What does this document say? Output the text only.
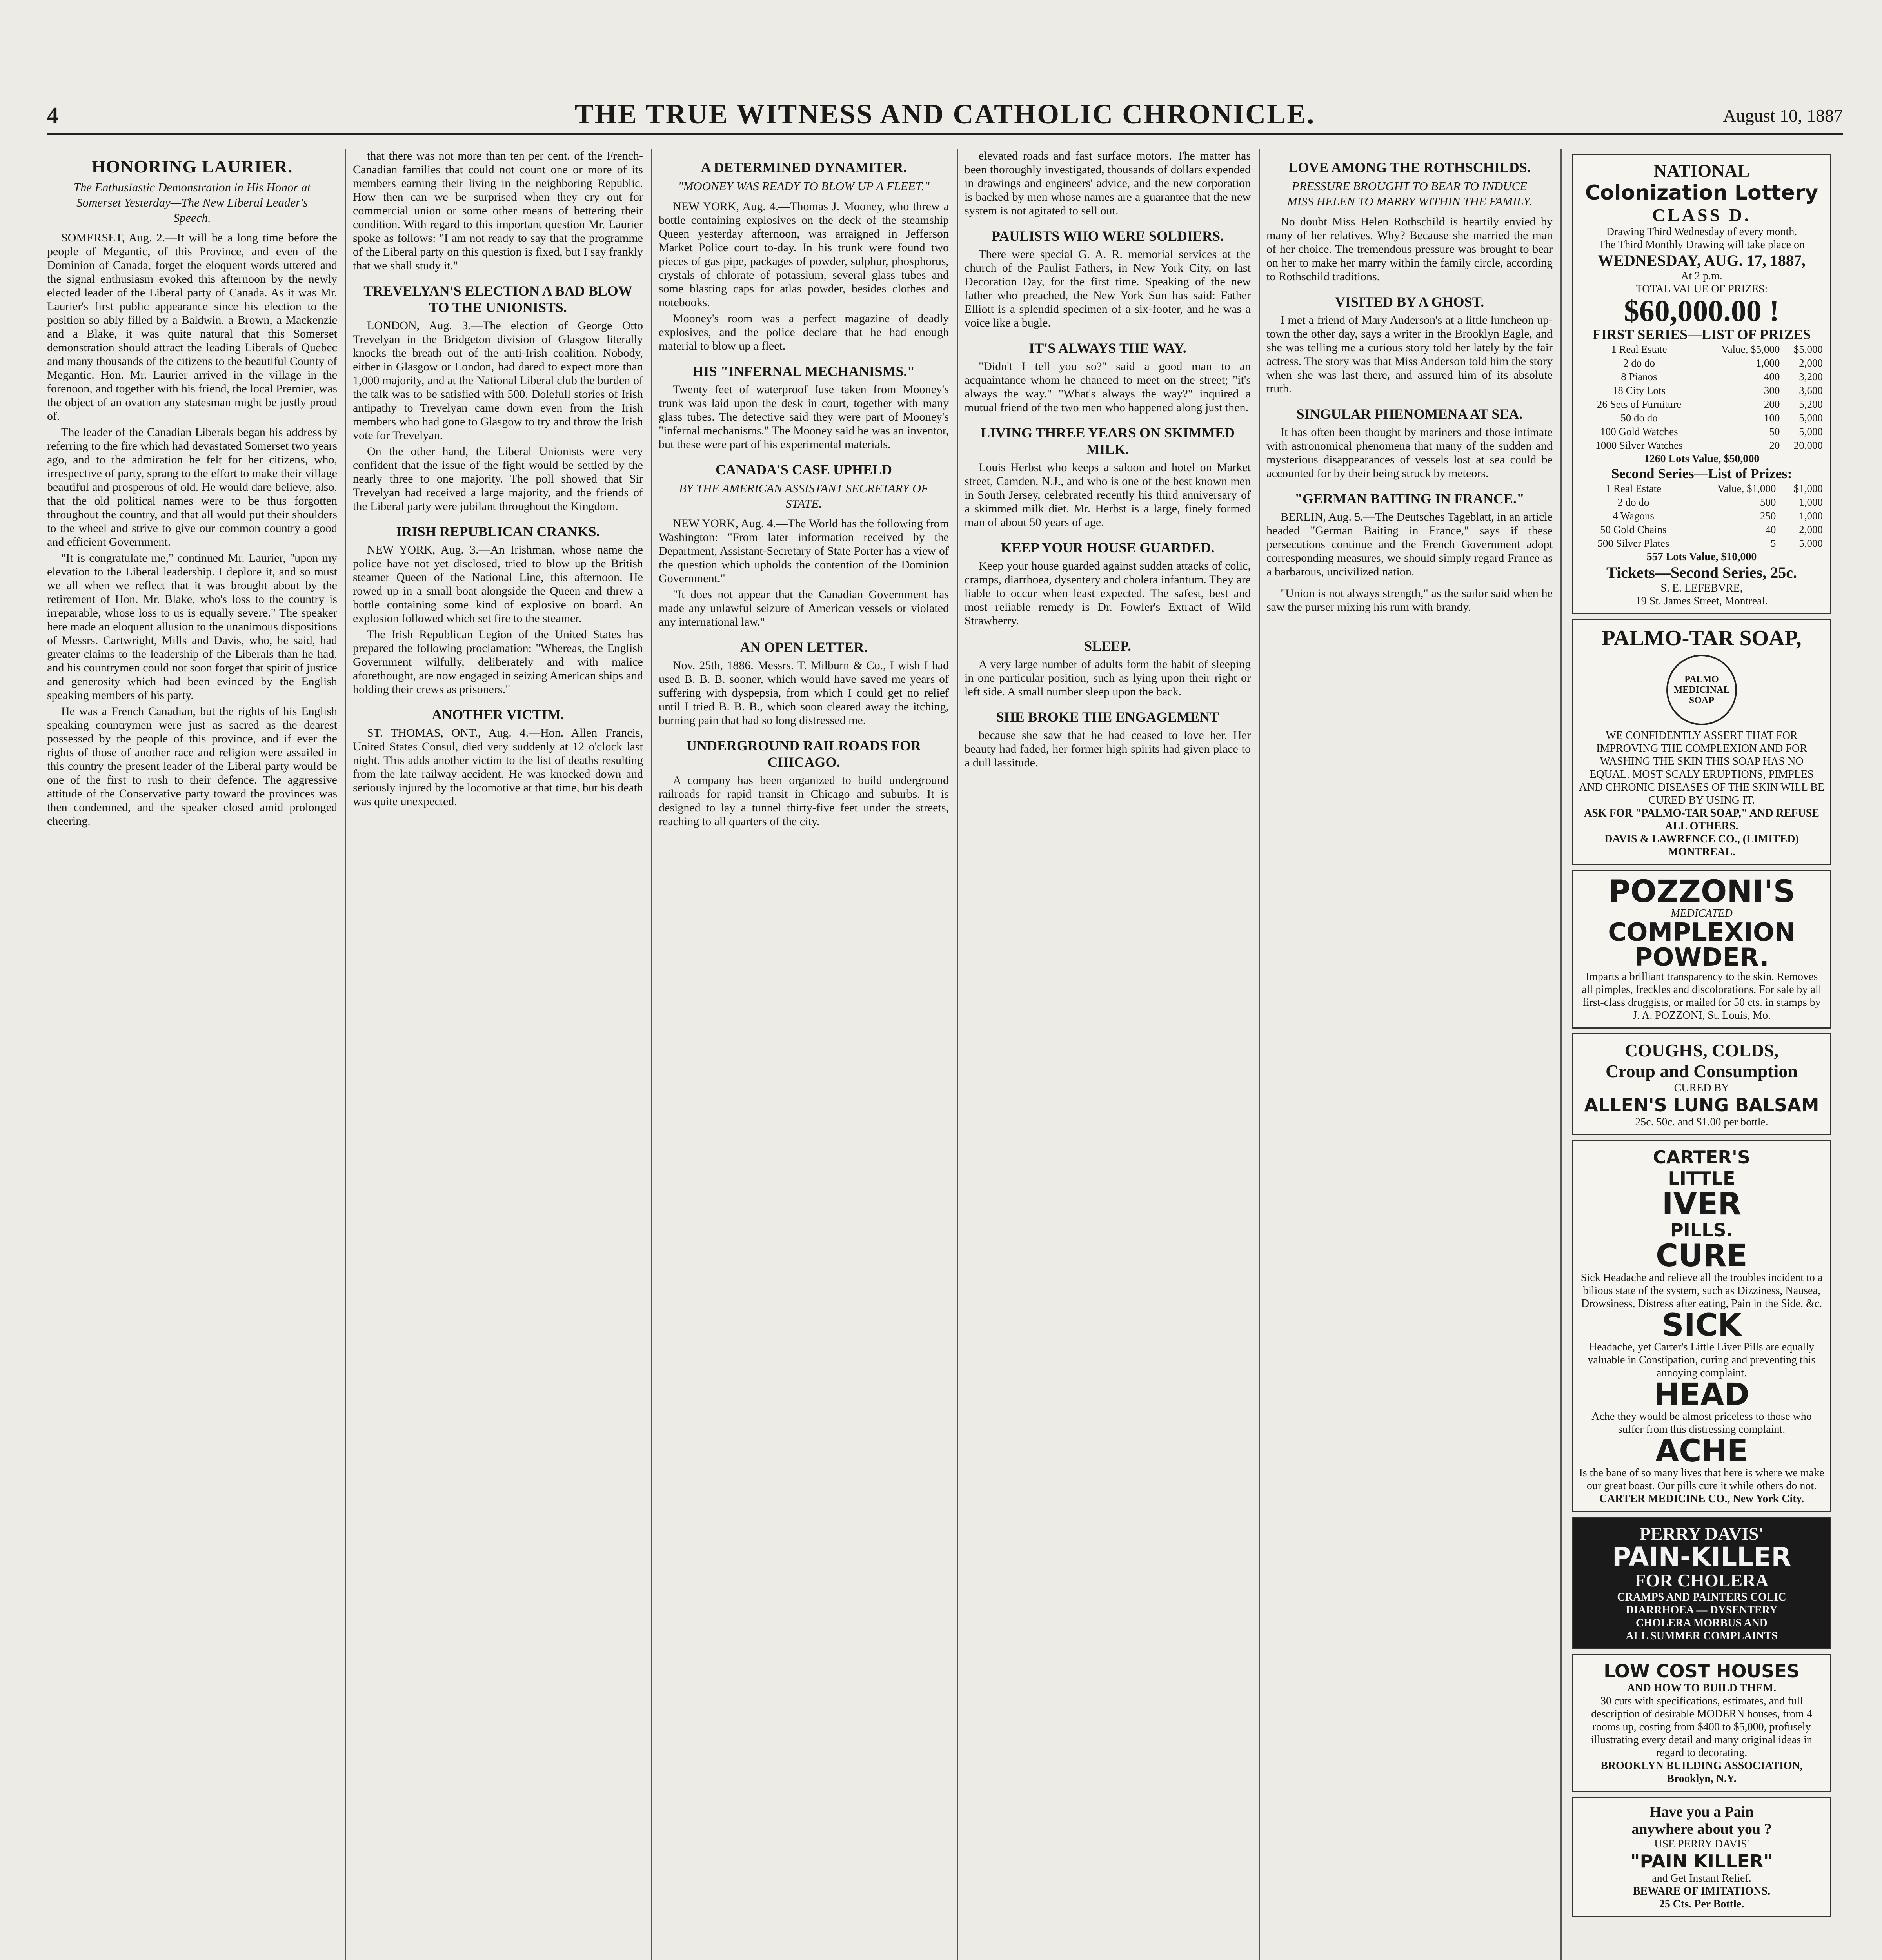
4	THE TRUE WITNESS AND CATHOLIC CHRONICLE.	August 10, 1887
HONORING LAURIER.
The Enthusiastic Demonstration in His Honor at Somerset Yesterday—The New Liberal Leader's Speech.

SOMERSET, Aug. 2.—It will be a long time before the people of Megantic, of this Province, and even of the Dominion of Canada, forget the eloquent words uttered and the signal enthusiasm evoked this afternoon by the newly elected leader of the Liberal party of Canada. As it was Mr. Laurier's first public appearance since his election to the position so ably filled by a Baldwin, a Brown, a Mackenzie and a Blake, it was quite natural that this Somerset demonstration should attract the leading Liberals of Quebec and many thousands of the citizens to the beautiful County of Megantic. Hon. Mr. Laurier arrived in the village in the forenoon, and together with his friend, the local Premier, was the object of an ovation any statesman might be justly proud of.

The leader of the Canadian Liberals began his address by referring to the fire which had devastated Somerset two years ago, and to the admiration he felt for her citizens, who, irrespective of party, sprang to the effort to make their village beautiful and prosperous of old. He would dare believe, also, that the old political names were to be thus forgotten throughout the country, and that all would put their shoulders to the wheel and strive to give our common country a good and efficient Government.

"It is congratulate me," continued Mr. Laurier, "upon my elevation to the Liberal leadership. I deplore it, and so must we all when we reflect that it was brought about by the retirement of Hon. Mr. Blake, who's loss to the country is irreparable, whose loss to us is equally severe." The speaker here made an eloquent allusion to the unanimous dispositions of Messrs. Cartwright, Mills and Davis, who, he said, had greater claims to the leadership of the Liberals than he had, and his countrymen could not soon forget that spirit of justice and generosity which had been evinced by the English speaking members of his party.

He was a French Canadian, but the rights of his English speaking countrymen were just as sacred as the dearest possessed by the people of this province, and if ever the rights of those of another race and religion were assailed in this country the present leader of the Liberal party would be one of the first to rush to their defence. The aggressive attitude of the Conservative party toward the provinces was then condemned, and the speaker closed amid prolonged cheering.

that there was not more than ten per cent. of the French-Canadian families that could not count one or more of its members earning their living in the neighboring Republic. How then can we be surprised when they cry out for commercial union or some other means of bettering their condition. With regard to this important question Mr. Laurier spoke as follows: "I am not ready to say that the programme of the Liberal party on this question is fixed, but I say frankly that we shall study it."

TREVELYAN'S ELECTION A BAD BLOW TO THE UNIONISTS.

LONDON, Aug. 3.—The election of George Otto Trevelyan in the Bridgeton division of Glasgow literally knocks the breath out of the anti-Irish coalition. Nobody, either in Glasgow or London, had dared to expect more than 1,000 majority, and at the National Liberal club the burden of the talk was to be satisfied with 500. Dolefull stories of Irish antipathy to Trevelyan came down even from the Irish members who had gone to Glasgow to try and throw the Irish vote for Trevelyan.

On the other hand, the Liberal Unionists were very confident that the issue of the fight would be settled by the nearly three to one majority. The poll showed that Sir Trevelyan had received a large majority, and the friends of the Liberal party were jubilant throughout the Kingdom.

IRISH REPUBLICAN CRANKS.

NEW YORK, Aug. 3.—An Irishman, whose name the police have not yet disclosed, tried to blow up the British steamer Queen of the National Line, this afternoon. He rowed up in a small boat alongside the Queen and threw a bottle containing some kind of explosive on board. An explosion followed which set fire to the steamer.

The Irish Republican Legion of the United States has prepared the following proclamation: "Whereas, the English Government wilfully, deliberately and with malice aforethought, are now engaged in seizing American ships and holding their crews as prisoners."

ANOTHER VICTIM.

ST. THOMAS, ONT., Aug. 4.—Hon. Allen Francis, United States Consul, died very suddenly at 12 o'clock last night. This adds another victim to the list of deaths resulting from the late railway accident. He was knocked down and seriously injured by the locomotive at that time, but his death was quite unexpected.

A DETERMINED DYNAMITER.
"MOONEY WAS READY TO BLOW UP A FLEET."

NEW YORK, Aug. 4.—Thomas J. Mooney, who threw a bottle containing explosives on the deck of the steamship Queen yesterday afternoon, was arraigned in Jefferson Market Police court to-day. In his trunk were found two pieces of gas pipe, packages of powder, sulphur, phosphorus, crystals of chlorate of potassium, several glass tubes and some blasting caps for atlas powder, besides clothes and notebooks.

Mooney's room was a perfect magazine of deadly explosives, and the police declare that he had enough material to blow up a fleet.

HIS "INFERNAL MECHANISMS."

Twenty feet of waterproof fuse taken from Mooney's trunk was laid upon the desk in court, together with many glass tubes. The detective said they were part of Mooney's "infernal mechanisms." The Mooney said he was an inventor, but these were part of his experimental materials.

CANADA'S CASE UPHELD
BY THE AMERICAN ASSISTANT SECRETARY OF STATE.

NEW YORK, Aug. 4.—The World has the following from Washington: "From later information received by the Department, Assistant-Secretary of State Porter has a view of the question which upholds the contention of the Dominion Government."

"It does not appear that the Canadian Government has made any unlawful seizure of American vessels or violated any international law."

AN OPEN LETTER.

Nov. 25th, 1886. Messrs. T. Milburn & Co., I wish I had used B. B. B. sooner, which would have saved me years of suffering with dyspepsia, from which I could get no relief until I tried B. B. B., which soon cleared away the itching, burning pain that had so long distressed me.

UNDERGROUND RAILROADS FOR CHICAGO.

A company has been organized to build underground railroads for rapid transit in Chicago and suburbs. It is designed to lay a tunnel thirty-five feet under the streets, reaching to all quarters of the city.

elevated roads and fast surface motors. The matter has been thoroughly investigated, thousands of dollars expended in drawings and engineers' advice, and the new corporation is backed by men whose names are a guarantee that the new system is not agitated to sell out.

PAULISTS WHO WERE SOLDIERS.

There were special G. A. R. memorial services at the church of the Paulist Fathers, in New York City, on last Decoration Day, for the first time. Speaking of the new father who preached, the New York Sun has said: Father Elliott is a splendid specimen of a six-footer, and he was a voice like a bugle.

IT'S ALWAYS THE WAY.

"Didn't I tell you so?" said a good man to an acquaintance whom he chanced to meet on the street; "it's always the way." "What's always the way?" inquired a mutual friend of the two men who happened along just then.

LIVING THREE YEARS ON SKIMMED MILK.

Louis Herbst who keeps a saloon and hotel on Market street, Camden, N.J., and who is one of the best known men in South Jersey, celebrated recently his third anniversary of a skimmed milk diet. Mr. Herbst is a large, finely formed man of about 50 years of age.

KEEP YOUR HOUSE GUARDED.

Keep your house guarded against sudden attacks of colic, cramps, diarrhoea, dysentery and cholera infantum. They are liable to occur when least expected. The safest, best and most reliable remedy is Dr. Fowler's Extract of Wild Strawberry.

SLEEP.

A very large number of adults form the habit of sleeping in one particular position, such as lying upon their right or left side. A small number sleep upon the back.

SHE BROKE THE ENGAGEMENT

because she saw that he had ceased to love her. Her beauty had faded, her former high spirits had given place to a dull lassitude.

LOVE AMONG THE ROTHSCHILDS.
PRESSURE BROUGHT TO BEAR TO INDUCE MISS HELEN TO MARRY WITHIN THE FAMILY.

No doubt Miss Helen Rothschild is heartily envied by many of her relatives. Why? Because she married the man of her choice. The tremendous pressure was brought to bear on her to make her marry within the family circle, according to Rothschild traditions.

VISITED BY A GHOST.

I met a friend of Mary Anderson's at a little luncheon up-town the other day, says a writer in the Brooklyn Eagle, and she was telling me a curious story told her lately by the fair actress. The story was that Miss Anderson told him the story when she was last there, and assured him of its absolute truth.

SINGULAR PHENOMENA AT SEA.

It has often been thought by mariners and those intimate with astronomical phenomena that many of the sudden and mysterious disappearances of vessels lost at sea could be accounted for by their being struck by meteors.

"GERMAN BAITING IN FRANCE."

BERLIN, Aug. 5.—The Deutsches Tageblatt, in an article headed "German Baiting in France," says if these persecutions continue and the French Government adopt corresponding measures, we should simply regard France as a barbarous, uncivilized nation.

"Union is not always strength," as the sailor said when he saw the purser mixing his rum with brandy.

NATIONAL
Colonization Lottery
CLASS D.
Drawing Third Wednesday of every month.
The Third Monthly Drawing will take place on
WEDNESDAY, AUG. 17, 1887,
At 2 p.m.
TOTAL VALUE OF PRIZES:
$60,000.00 !
FIRST SERIES—LIST OF PRIZES
1 Real Estate	Value, $5,000	$5,000
2 do do	1,000	2,000
8 Pianos	400	3,200
18 City Lots	300	3,600
26 Sets of Furniture	200	5,200
50 do do	100	5,000
100 Gold Watches	50	5,000
1000 Silver Watches	20	20,000
1260 Lots Value, $50,000
Second Series—List of Prizes:
1 Real Estate	Value, $1,000	$1,000
2 do do	500	1,000
4 Wagons	250	1,000
50 Gold Chains	40	2,000
500 Silver Plates	5	5,000
557 Lots Value, $10,000
Tickets—Second Series, 25c.
S. E. LEFEBVRE,
19 St. James Street, Montreal.
PALMO-TAR SOAP,
PALMO MEDICINAL SOAP
WE CONFIDENTLY ASSERT THAT FOR IMPROVING THE COMPLEXION AND FOR WASHING THE SKIN THIS SOAP HAS NO EQUAL. MOST SCALY ERUPTIONS, PIMPLES AND CHRONIC DISEASES OF THE SKIN WILL BE CURED BY USING IT.
ASK FOR "PALMO-TAR SOAP," AND REFUSE ALL OTHERS.
DAVIS & LAWRENCE CO., (LIMITED) MONTREAL.
POZZONI'S
MEDICATED
COMPLEXION
POWDER.
Imparts a brilliant transparency to the skin. Removes all pimples, freckles and discolorations. For sale by all first-class druggists, or mailed for 50 cts. in stamps by J. A. POZZONI, St. Louis, Mo.
COUGHS, COLDS,
Croup and Consumption
CURED BY
ALLEN'S LUNG BALSAM
25c. 50c. and $1.00 per bottle.
CARTER'S
LITTLE
IVER
PILLS.
CURE
Sick Headache and relieve all the troubles incident to a bilious state of the system, such as Dizziness, Nausea, Drowsiness, Distress after eating, Pain in the Side, &c.
SICK
Headache, yet Carter's Little Liver Pills are equally valuable in Constipation, curing and preventing this annoying complaint.
HEAD
Ache they would be almost priceless to those who suffer from this distressing complaint.
ACHE
Is the bane of so many lives that here is where we make our great boast. Our pills cure it while others do not.
CARTER MEDICINE CO., New York City.
PERRY DAVIS'
PAIN-KILLER
FOR CHOLERA
CRAMPS AND PAINTERS COLIC
DIARRHOEA — DYSENTERY
CHOLERA MORBUS AND
ALL SUMMER COMPLAINTS
LOW COST HOUSES
AND HOW TO BUILD THEM.
30 cuts with specifications, estimates, and full description of desirable MODERN houses, from 4 rooms up, costing from $400 to $5,000, profusely illustrating every detail and many original ideas in regard to decorating.
BROOKLYN BUILDING ASSOCIATION, Brooklyn, N.Y.
Have you a Pain
anywhere about you ?
USE PERRY DAVIS'
"PAIN KILLER"
and Get Instant Relief.
BEWARE OF IMITATIONS.
25 Cts. Per Bottle.
